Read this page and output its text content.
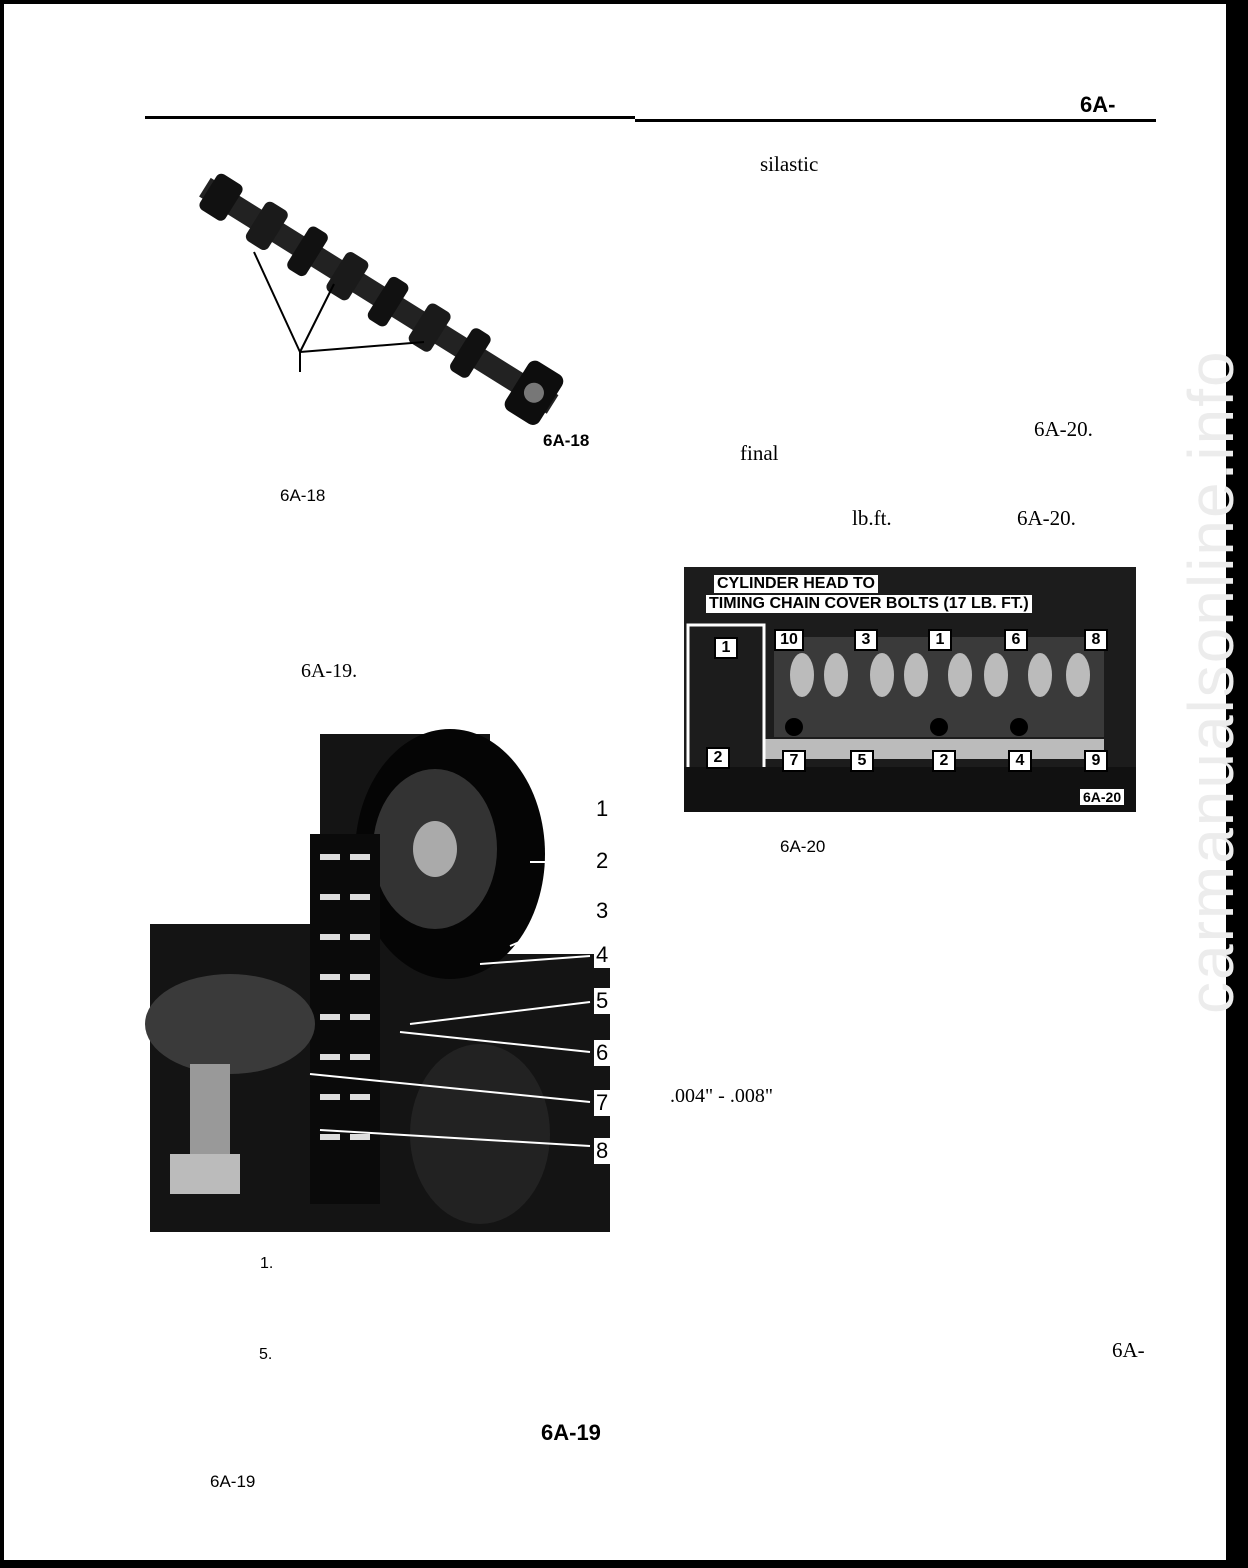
6A-
6A-18
6A-18
6A-19.
1
2
3
4
5
6
7
8
1.
5.
6A-19
6A-19
silastic
6A-20.
final
lb.ft.	6A-20.
CYLINDER HEAD TO
TIMING CHAIN COVER BOLTS (17 LB. FT.)
1
2
10	3	1	6	8
7	5	2	4	9
6A-20
6A-20
.004" - .008"
6A-
carmanualsonline.info
